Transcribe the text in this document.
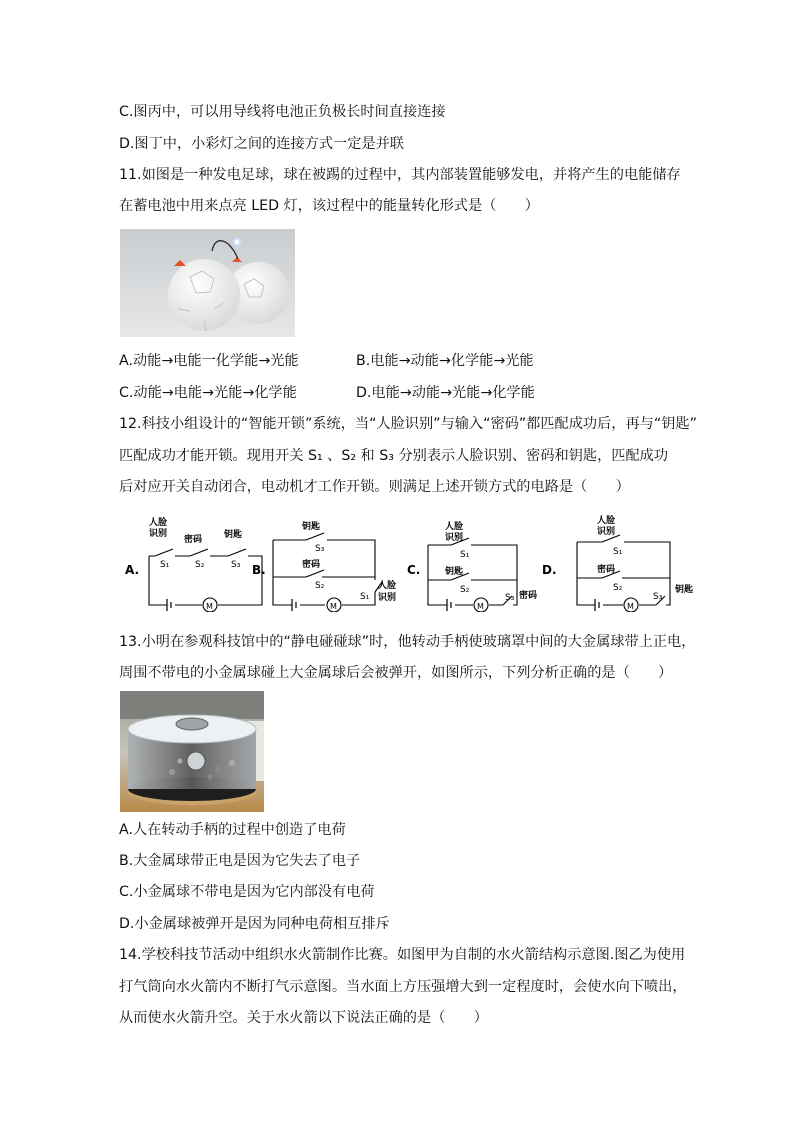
C.图丙中，可以用导线将电池正负极长时间直接连接
D.图丁中，小彩灯之间的连接方式一定是并联
11.如图是一种发电足球，球在被踢的过程中，其内部装置能够发电，并将产生的电能储存
在蓄电池中用来点亮 LED 灯，该过程中的能量转化形式是（　　）
A.动能→电能一化学能→光能	B.电能→动能→化学能→光能
C.动能→电能→光能→化学能	D.电能→动能→光能→化学能
12.科技小组设计的“智能开锁”系统，当“人脸识别”与输入“密码”都匹配成功后，再与“钥匙”
匹配成功才能开锁。现用开关 S₁ 、S₂ 和 S₃ 分别表示人脸识别、密码和钥匙，匹配成功
后对应开关自动闭合，电动机才工作开锁。则满足上述开锁方式的电路是（　　）
A.
人脸
识别
密码 钥匙
S₁	S₂	S₃
M
B.
钥匙
密码
人脸
识别
S₃
S₂
S₁
M
C.
人脸
识别
钥匙
密码
S₁
S₂
S₃
M
D.
人脸
识别
密码
钥匙
S₁
S₂
S₃
M
13.小明在参观科技馆中的“静电碰碰球”时，他转动手柄使玻璃罩中间的大金属球带上正电，
周围不带电的小金属球碰上大金属球后会被弹开，如图所示，下列分析正确的是（　　）
A.人在转动手柄的过程中创造了电荷
B.大金属球带正电是因为它失去了电子
C.小金属球不带电是因为它内部没有电荷
D.小金属球被弹开是因为同种电荷相互排斥
14.学校科技节活动中组织水火箭制作比赛。如图甲为自制的水火箭结构示意图.图乙为使用
打气筒向水火箭内不断打气示意图。当水面上方压强增大到一定程度时，会使水向下喷出，
从而使水火箭升空。关于水火箭以下说法正确的是（　　）
